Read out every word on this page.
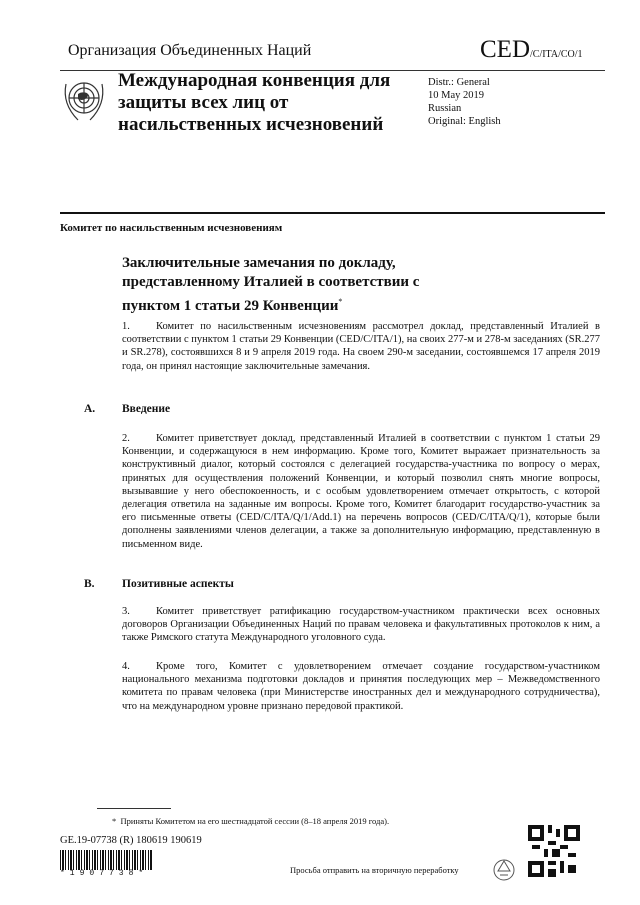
Организация Объединенных Наций	CED/C/ITA/CO/1
Международная конвенция для защиты всех лиц от насильственных исчезновений
Distr.: General
10 May 2019
Russian
Original: English
Комитет по насильственным исчезновениям
Заключительные замечания по докладу, представленному Италией в соответствии с пунктом 1 статьи 29 Конвенции*
1. Комитет по насильственным исчезновениям рассмотрел доклад, представленный Италией в соответствии с пунктом 1 статьи 29 Конвенции (CED/C/ITA/1), на своих 277-м и 278-м заседаниях (SR.277 и SR.278), состоявшихся 8 и 9 апреля 2019 года. На своем 290-м заседании, состоявшемся 17 апреля 2019 года, он принял настоящие заключительные замечания.
A. Введение
2. Комитет приветствует доклад, представленный Италией в соответствии с пунктом 1 статьи 29 Конвенции, и содержащуюся в нем информацию. Кроме того, Комитет выражает признательность за конструктивный диалог, который состоялся с делегацией государства-участника по вопросу о мерах, принятых для осуществления положений Конвенции, и который позволил снять многие вопросы, вызывавшие у него обеспокоенность, и с особым удовлетворением отмечает открытость, с которой делегация ответила на заданные им вопросы. Кроме того, Комитет благодарит государство-участник за его письменные ответы (CED/C/ITA/Q/1/Add.1) на перечень вопросов (CED/C/ITA/Q/1), которые были дополнены заявлениями членов делегации, а также за дополнительную информацию, представленную в письменном виде.
B. Позитивные аспекты
3. Комитет приветствует ратификацию государством-участником практически всех основных договоров Организации Объединенных Наций по правам человека и факультативных протоколов к ним, а также Римского статута Международного уголовного суда.
4. Кроме того, Комитет с удовлетворением отмечает создание государством-участником национального механизма подготовки докладов и принятия последующих мер – Межведомственного комитета по правам человека (при Министерстве иностранных дел и международного сотрудничества), что на международном уровне признано передовой практикой.
* Приняты Комитетом на его шестнадцатой сессии (8–18 апреля 2019 года).
GE.19-07738 (R) 180619 190619
*1907738*	Просьба отправить на вторичную переработку
